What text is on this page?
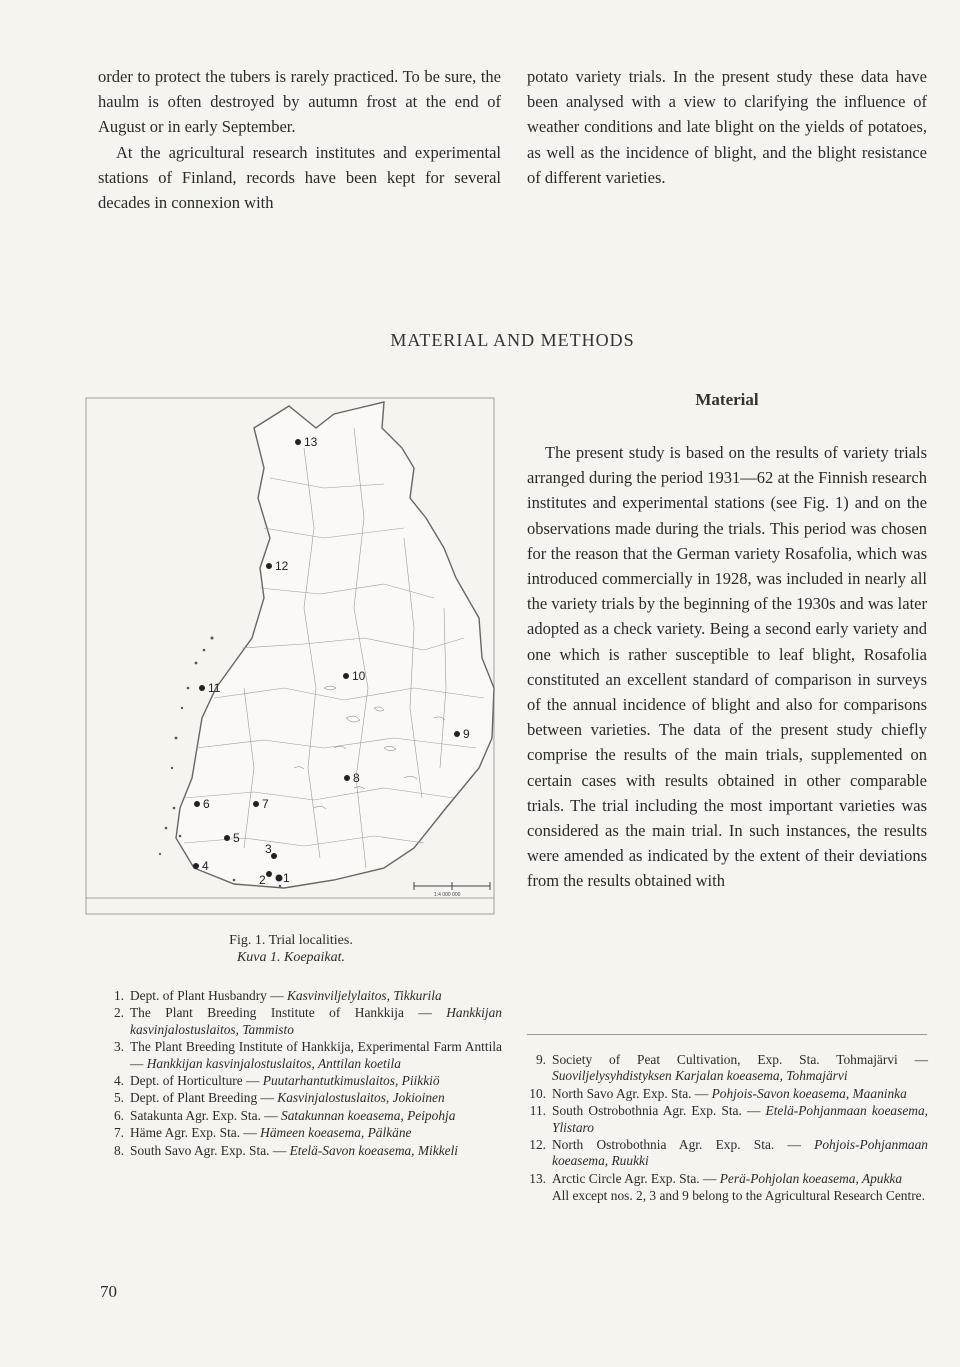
order to protect the tubers is rarely practiced. To be sure, the haulm is often destroyed by autumn frost at the end of August or in early September.

At the agricultural research institutes and experimental stations of Finland, records have been kept for several decades in connexion with

potato variety trials. In the present study these data have been analysed with a view to clarifying the influence of weather conditions and late blight on the yields of potatoes, as well as the incidence of blight, and the blight resistance of different varieties.

MATERIAL AND METHODS
Material
1
2
3
4
5
6	7
8
9
10
11
12
13
1:4 000 000
Fig. 1. Trial localities.
Kuva 1. Koepaikat.

The present study is based on the results of variety trials arranged during the period 1931—62 at the Finnish research institutes and experimental stations (see Fig. 1) and on the observations made during the trials. This period was chosen for the reason that the German variety Rosafolia, which was introduced commercially in 1928, was included in nearly all the variety trials by the beginning of the 1930s and was later adopted as a check variety. Being a second early variety and one which is rather susceptible to leaf blight, Rosafolia constituted an excellent standard of comparison in surveys of the annual incidence of blight and also for comparisons between varieties. The data of the present study chiefly comprise the results of the main trials, supplemented on certain cases with results obtained in other comparable trials. The trial including the most important varieties was considered as the main trial. In such instances, the results were amended as indicated by the extent of their deviations from the results obtained with

1. Dept. of Plant Husbandry — Kasvinviljelylaitos, Tikkurila
2. The Plant Breeding Institute of Hankkija — Hankkijan kasvinjalostuslaitos, Tammisto
3. The Plant Breeding Institute of Hankkija, Experimental Farm Anttila — Hankkijan kasvinjalostuslaitos, Anttilan koetila
4. Dept. of Horticulture — Puutarhantutkimuslaitos, Piikkiö
5. Dept. of Plant Breeding — Kasvinjalostuslaitos, Jokioinen
6. Satakunta Agr. Exp. Sta. — Satakunnan koeasema, Peipohja
7. Häme Agr. Exp. Sta. — Hämeen koeasema, Pälkäne
8. South Savo Agr. Exp. Sta. — Etelä-Savon koeasema, Mikkeli
9. Society of Peat Cultivation, Exp. Sta. Tohmajärvi — Suoviljelysyhdistyksen Karjalan koeasema, Tohmajärvi
10. North Savo Agr. Exp. Sta. — Pohjois-Savon koeasema, Maaninka
11. South Ostrobothnia Agr. Exp. Sta. — Etelä-Pohjanmaan koeasema, Ylistaro
12. North Ostrobothnia Agr. Exp. Sta. — Pohjois-Pohjanmaan koeasema, Ruukki
13. Arctic Circle Agr. Exp. Sta. — Perä-Pohjolan koeasema, Apukka
All except nos. 2, 3 and 9 belong to the Agricultural Research Centre.
70
